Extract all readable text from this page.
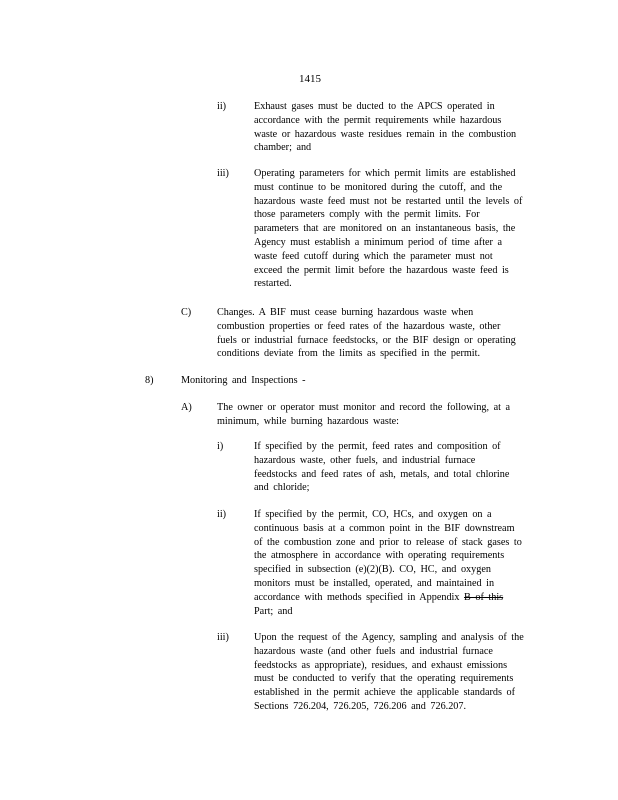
1415
ii)	Exhaust gases must be ducted to the APCS operated in
accordance with the permit requirements while hazardous
waste or hazardous waste residues remain in the combustion
chamber; and
iii) Operating parameters for which permit limits are established
must continue to be monitored during the cutoff, and the
hazardous waste feed must not be restarted until the levels of
those parameters comply with the permit limits. For
parameters that are monitored on an instantaneous basis, the
Agency must establish a minimum period of time after a
waste feed cutoff during which the parameter must not
exceed the permit limit before the hazardous waste feed is
restarted.
C)	Changes. A BIF must cease burning hazardous waste when
combustion properties or feed rates of the hazardous waste, other
fuels or industrial furnace feedstocks, or the BIF design or operating
conditions deviate from the limits as specified in the permit.
8)	Monitoring and Inspections -
A) The owner or operator must monitor and record the following, at a
minimum, while burning hazardous waste:
i)	If specified by the permit, feed rates and composition of
hazardous waste, other fuels, and industrial furnace
feedstocks and feed rates of ash, metals, and total chlorine
and chloride;
ii)	If specified by the permit, CO, HCs, and oxygen on a
continuous basis at a common point in the BIF downstream
of the combustion zone and prior to release of stack gases to
the atmosphere in accordance with operating requirements
specified in subsection (e)(2)(B). CO, HC, and oxygen
monitors must be installed, operated, and maintained in
accordance with methods specified in Appendix B of this
Part; and
iii) Upon the request of the Agency, sampling and analysis of the
hazardous waste (and other fuels and industrial furnace
feedstocks as appropriate), residues, and exhaust emissions
must be conducted to verify that the operating requirements
established in the permit achieve the applicable standards of
Sections 726.204, 726.205, 726.206 and 726.207.
